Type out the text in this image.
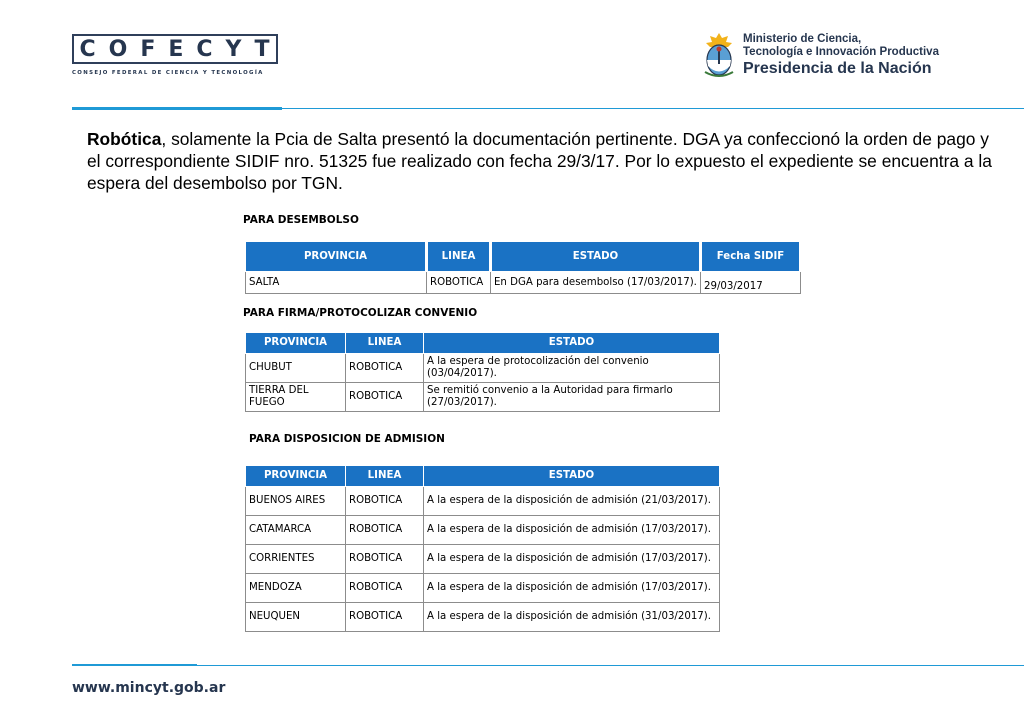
COFECYT
CONSEJO FEDERAL DE CIENCIA Y TECNOLOGÍA
Ministerio de Ciencia,
Tecnología e Innovación Productiva
Presidencia de la Nación
Robótica, solamente la Pcia de Salta presentó la documentación pertinente. DGA ya confeccionó la orden de pago y el correspondiente SIDIF nro. 51325 fue realizado con fecha 29/3/17. Por lo expuesto el expediente se encuentra a la espera del desembolso por TGN.
PARA DESEMBOLSO
PROVINCIA	LINEA	ESTADO	Fecha SIDIF
SALTA	ROBOTICA	En DGA para desembolso (17/03/2017).	29/03/2017
PARA FIRMA/PROTOCOLIZAR CONVENIO
PROVINCIA	LINEA	ESTADO
CHUBUT	ROBOTICA	A la espera de protocolización del convenio (03/04/2017).
TIERRA DEL FUEGO	ROBOTICA	Se remitió convenio a la Autoridad para firmarlo (27/03/2017).
PARA DISPOSICION DE ADMISION
PROVINCIA	LINEA	ESTADO
BUENOS AIRES	ROBOTICA	A la espera de la disposición de admisión (21/03/2017).
CATAMARCA	ROBOTICA	A la espera de la disposición de admisión (17/03/2017).
CORRIENTES	ROBOTICA	A la espera de la disposición de admisión (17/03/2017).
MENDOZA	ROBOTICA	A la espera de la disposición de admisión (17/03/2017).
NEUQUEN	ROBOTICA	A la espera de la disposición de admisión (31/03/2017).
www.mincyt.gob.ar
